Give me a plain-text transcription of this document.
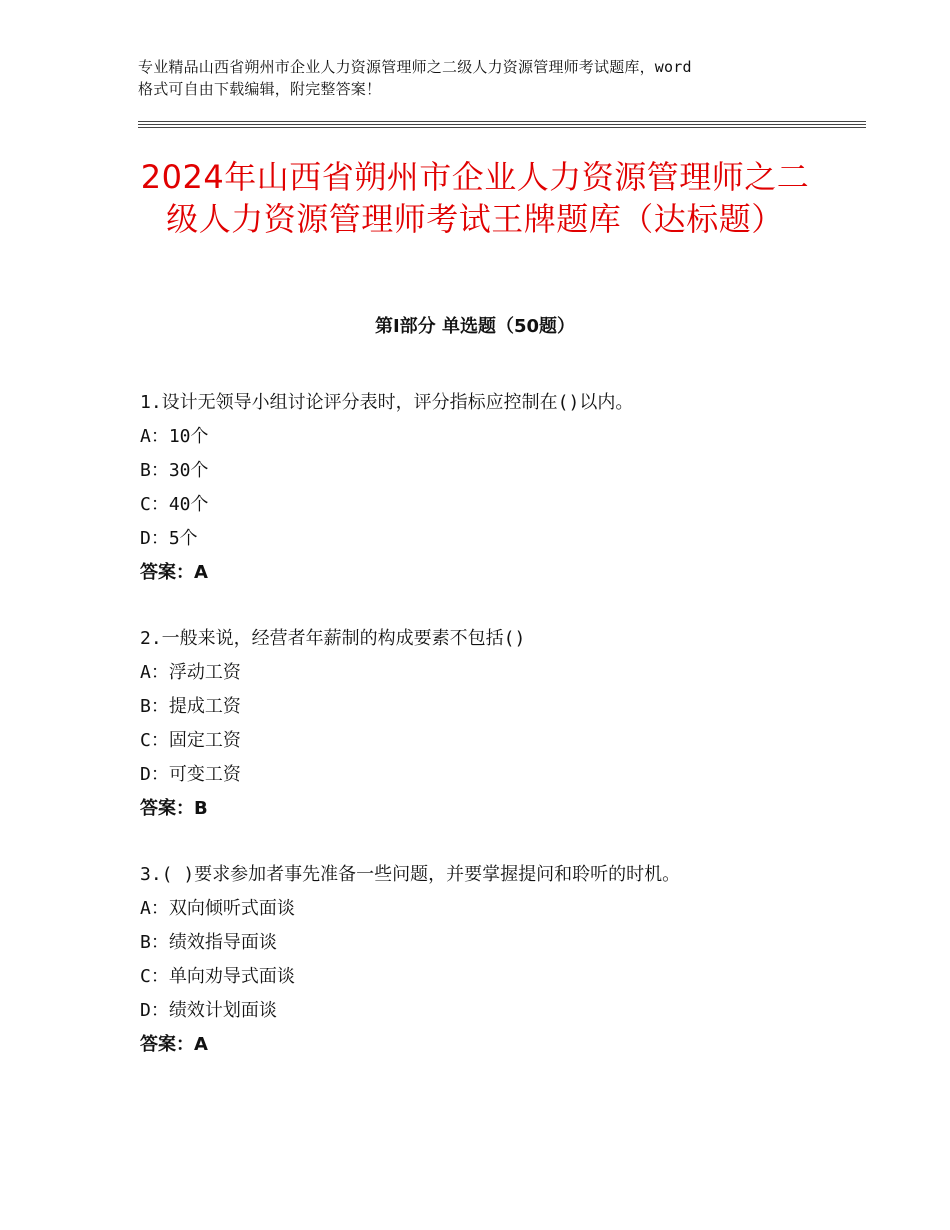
专业精品山西省朔州市企业人力资源管理师之二级人力资源管理师考试题库，word
格式可自由下载编辑，附完整答案！
2024年山西省朔州市企业人力资源管理师之二级人力资源管理师考试王牌题库（达标题）
第Ⅰ部分 单选题（50题）
1.设计无领导小组讨论评分表时，评分指标应控制在()以内。
A：10个
B：30个
C：40个
D：5个
答案：A
2.一般来说，经营者年薪制的构成要素不包括()
A：浮动工资
B：提成工资
C：固定工资
D：可变工资
答案：B
3.( )要求参加者事先准备一些问题，并要掌握提问和聆听的时机。
A：双向倾听式面谈
B：绩效指导面谈
C：单向劝导式面谈
D：绩效计划面谈
答案：A
